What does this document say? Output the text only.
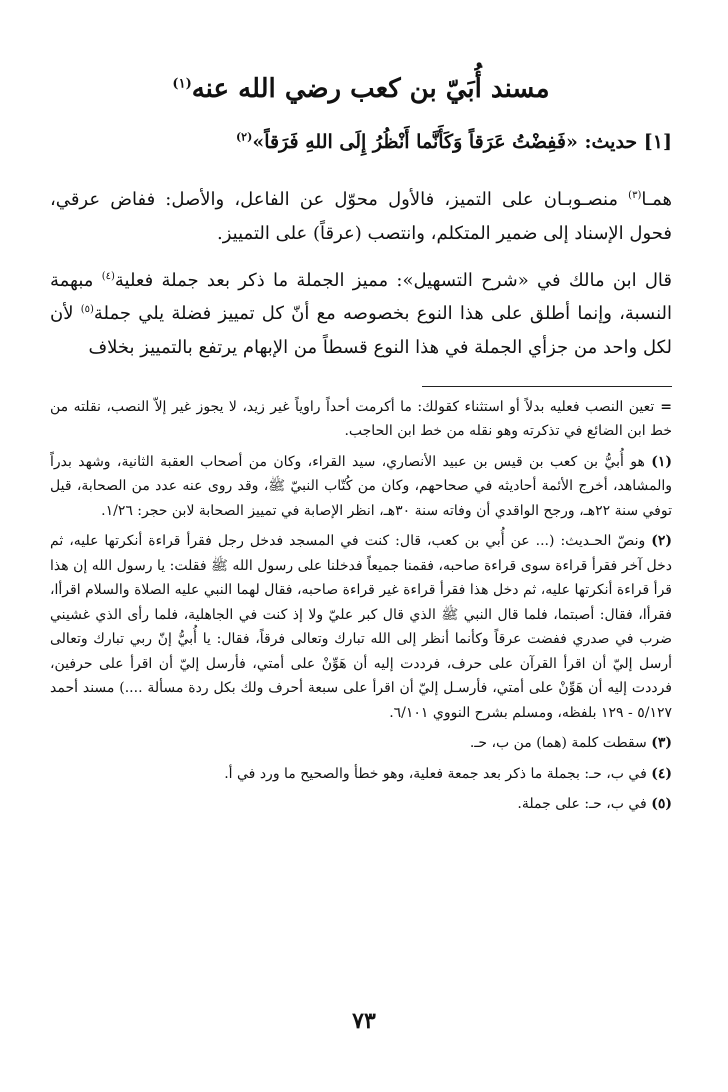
مسند أُبَيّ بن كعب رضي الله عنه$^{(١)}$

[١] حديث: «فَفِضْتُ عَرَقاً وَكَأَنَّما أَنْظُرُ إِلَى اللهِ فَرَقاً»$^{(٢)}$

همـا$^{(٣)}$ منصـوبـان على التميز، فالأول محوّل عن الفاعل، والأصل: ففاض عرقي، فحول الإسناد إلى ضمير المتكلم، وانتصب (عرقاً) على التمييز.

قال ابن مالك في «شرح التسهيل»: مميز الجملة ما ذكر بعد جملة فعلية$^{(٤)}$ مبهمة النسبة، وإنما أطلق على هذا النوع بخصوصه مع أنّ كل تمييز فضلة يلي جملة$^{(٥)}$ لأن لكل واحد من جزأي الجملة في هذا النوع قسطاً من الإبهام يرتفع بالتمييز بخلاف

=تعين النصب فعليه بدلاً أو استثناء كقولك: ما أكرمت أحداً راوياً غير زيد، لا يجوز غير إلاّ النصب، نقلته من خط ابن الضائع في تذكرته وهو نقله من خط ابن الحاجب.

(١) هو أُبيُّ بن كعب بن قيس بن عبيد الأنصاري، سيد القراء، وكان من أصحاب العقبة الثانية، وشهد بدراً والمشاهد، أخرج الأئمة أحاديثه في صحاحهم، وكان من كُتّاب النبيّ ﷺ، وقد روى عنه عدد من الصحابة، قيل توفي سنة ٢٢هـ، ورجح الواقدي أن وفاته سنة ٣٠هـ، انظر الإصابة في تمييز الصحابة لابن حجر: ١/٢٦.

(٢) ونصّ الحـديث: (... عن أُبي بن كعب، قال: كنت في المسجد فدخل رجل فقرأ قراءة أنكرتها عليه، ثم دخل آخر فقرأ قراءة سوى قراءة صاحبه، فقمنا جميعاً فدخلنا على رسول الله ﷺ فقلت: يا رسول الله إن هذا قرأ قراءة أنكرتها عليه، ثم دخل هذا فقرأ قراءة غير قراءة صاحبه، فقال لهما النبي عليه الصلاة والسلام اقرأا، فقرأا، فقال: أصبتما، فلما قال النبي ﷺ الذي قال كبر عليّ ولا إذ كنت في الجاهلية، فلما رأى الذي غشيني ضرب في صدري ففضت عرقاً وكأنما أنظر إلى الله تبارك وتعالى فرقاً، فقال: يا أُبيُّ إنّ ربي تبارك وتعالى أرسل إليّ أن اقرأ القرآن على حرف، فرددت إليه أن هَوِّنْ على أمتي، فأرسل إليّ أن اقرأ على حرفين، فرددت إليه أن هَوِّنْ على أمتي، فأرسـل إليّ أن اقرأ على سبعة أحرف ولك بكل ردة مسألة ....) مسند أحمد ٥/١٢٧ - ١٢٩ بلفظه، ومسلم بشرح النووي ٦/١٠١.

(٣) سقطت كلمة (هما) من ب، حـ.

(٤) في ب، حـ: بجملة ما ذكر بعد جمعة فعلية، وهو خطأ والصحيح ما ورد في أ.

(٥) في ب، حـ: على جملة.

٧٣
